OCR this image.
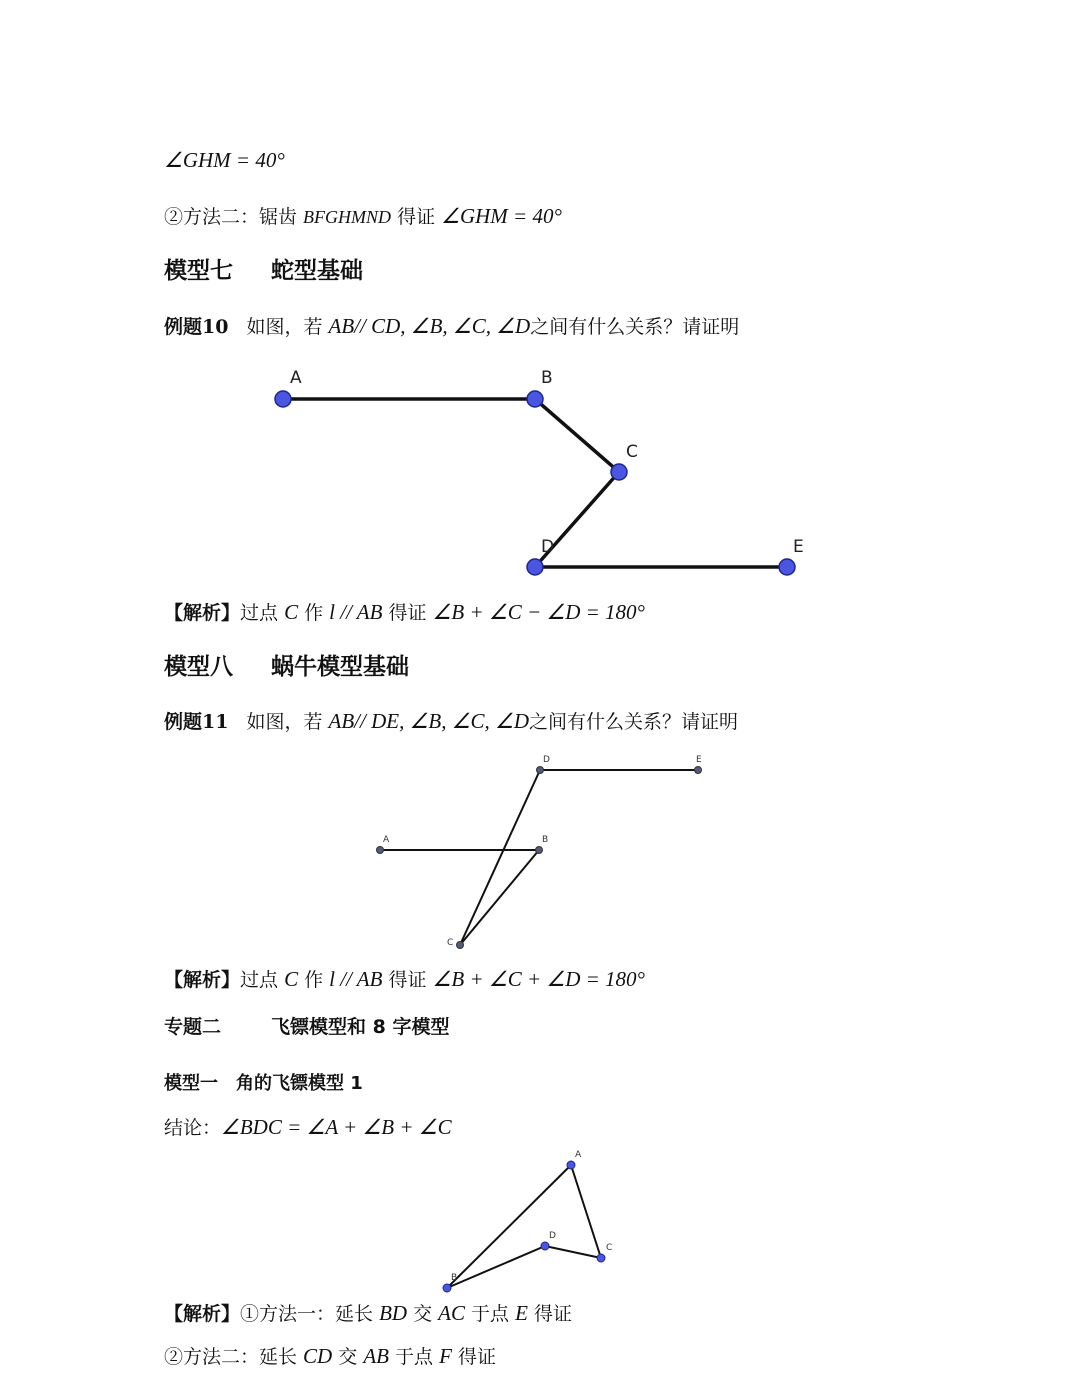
∠GHM = 40°
②方法二：锯齿 BFGHMND 得证 ∠GHM = 40°
模型七 蛇型基础
例题10 如图，若 AB// CD, ∠B, ∠C, ∠D之间有什么关系？请证明
【解析】过点 C 作 l // AB 得证 ∠B + ∠C − ∠D = 180°
模型八 蜗牛模型基础
例题11 如图，若 AB// DE, ∠B, ∠C, ∠D之间有什么关系？请证明
【解析】过点 C 作 l // AB 得证 ∠B + ∠C + ∠D = 180°
专题二	飞镖模型和 8 字模型
模型一　角的飞镖模型 1
结论：∠BDC = ∠A + ∠B + ∠C
【解析】①方法一：延长 BD 交 AC 于点 E 得证
②方法二：延长 CD 交 AB 于点 F 得证
A	B
C
D	E
D	E
A	B
C
A
D
C
B
